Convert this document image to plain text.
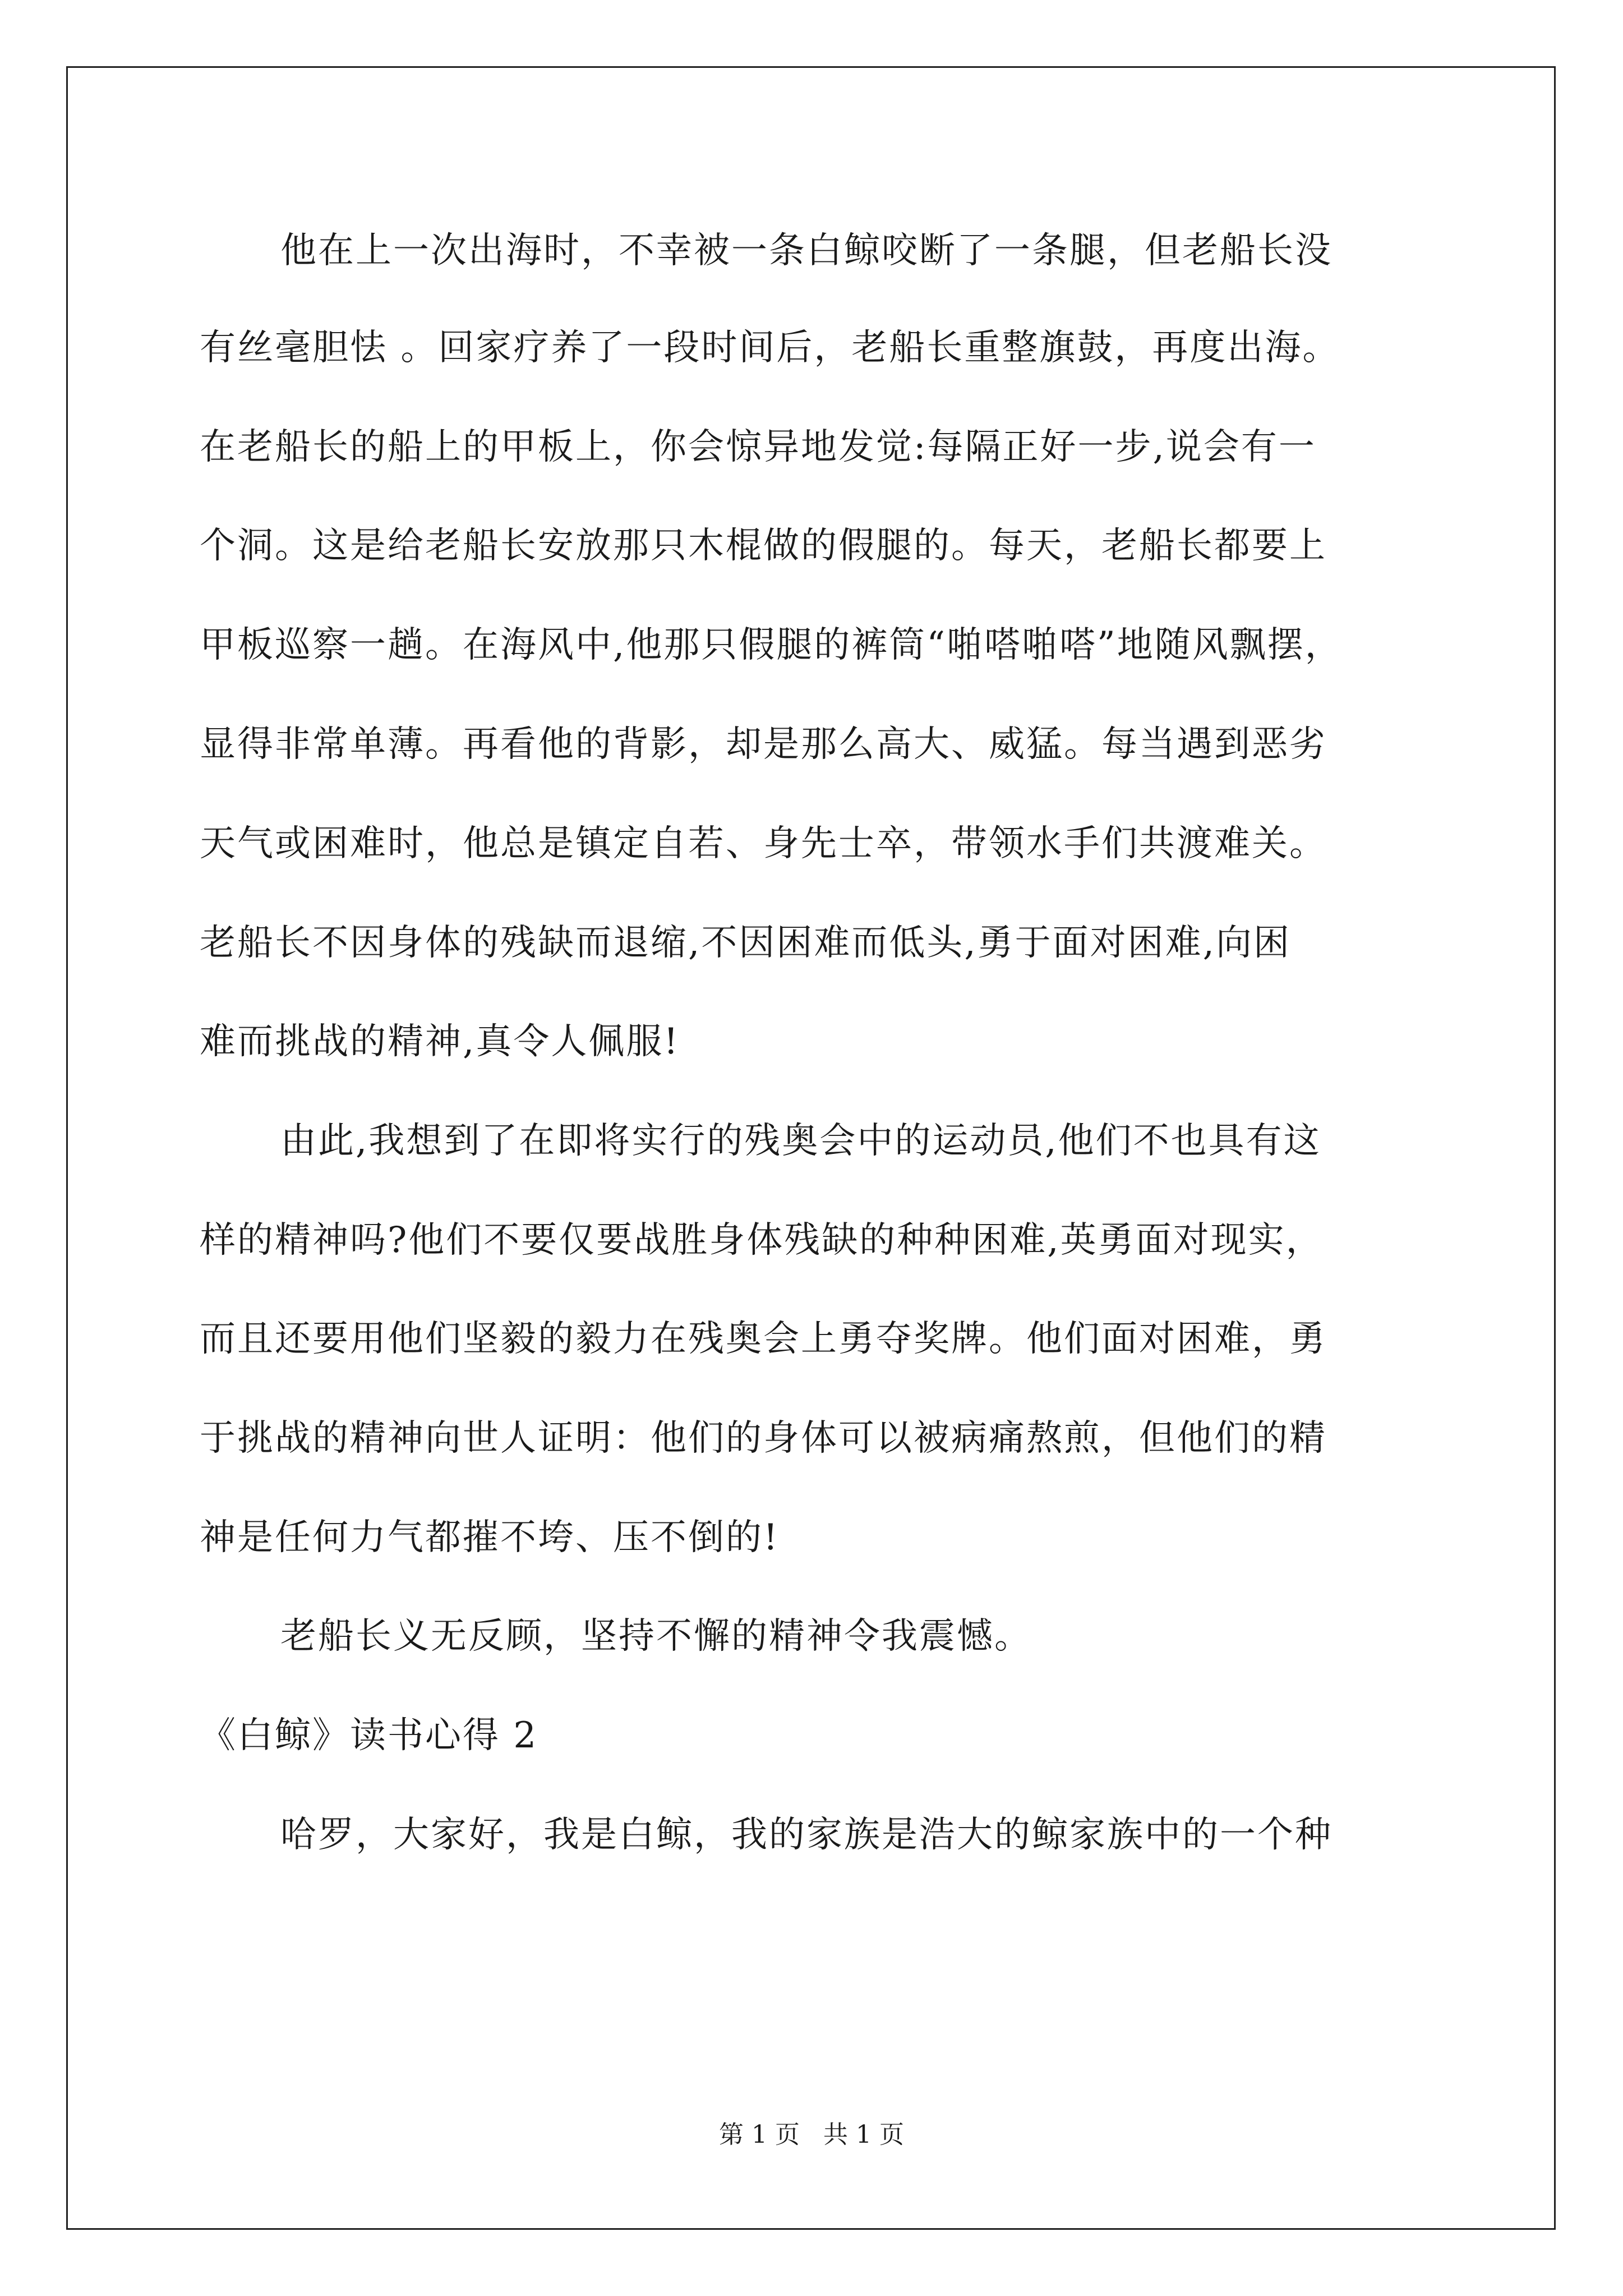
他在上一次出海时，不幸被一条白鲸咬断了一条腿，但老船长没
有丝毫胆怯 。回家疗养了一段时间后，老船长重整旗鼓，再度出海。
在老船长的船上的甲板上，你会惊异地发觉:每隔正好一步,说会有一
个洞。这是给老船长安放那只木棍做的假腿的。每天，老船长都要上
甲板巡察一趟。在海风中,他那只假腿的裤筒“啪嗒啪嗒”地随风飘摆，
显得非常单薄。再看他的背影，却是那么高大、威猛。每当遇到恶劣
天气或困难时，他总是镇定自若、身先士卒，带领水手们共渡难关。
老船长不因身体的残缺而退缩,不因困难而低头,勇于面对困难,向困
难而挑战的精神,真令人佩服!
由此,我想到了在即将实行的残奥会中的运动员,他们不也具有这
样的精神吗?他们不要仅要战胜身体残缺的种种困难,英勇面对现实，
而且还要用他们坚毅的毅力在残奥会上勇夺奖牌。他们面对困难，勇
于挑战的精神向世人证明：他们的身体可以被病痛熬煎，但他们的精
神是任何力气都摧不垮、压不倒的!
老船长义无反顾，坚持不懈的精神令我震憾。
《白鲸》读书心得 2
哈罗，大家好，我是白鲸，我的家族是浩大的鲸家族中的一个种
第 1 页   共 1 页
